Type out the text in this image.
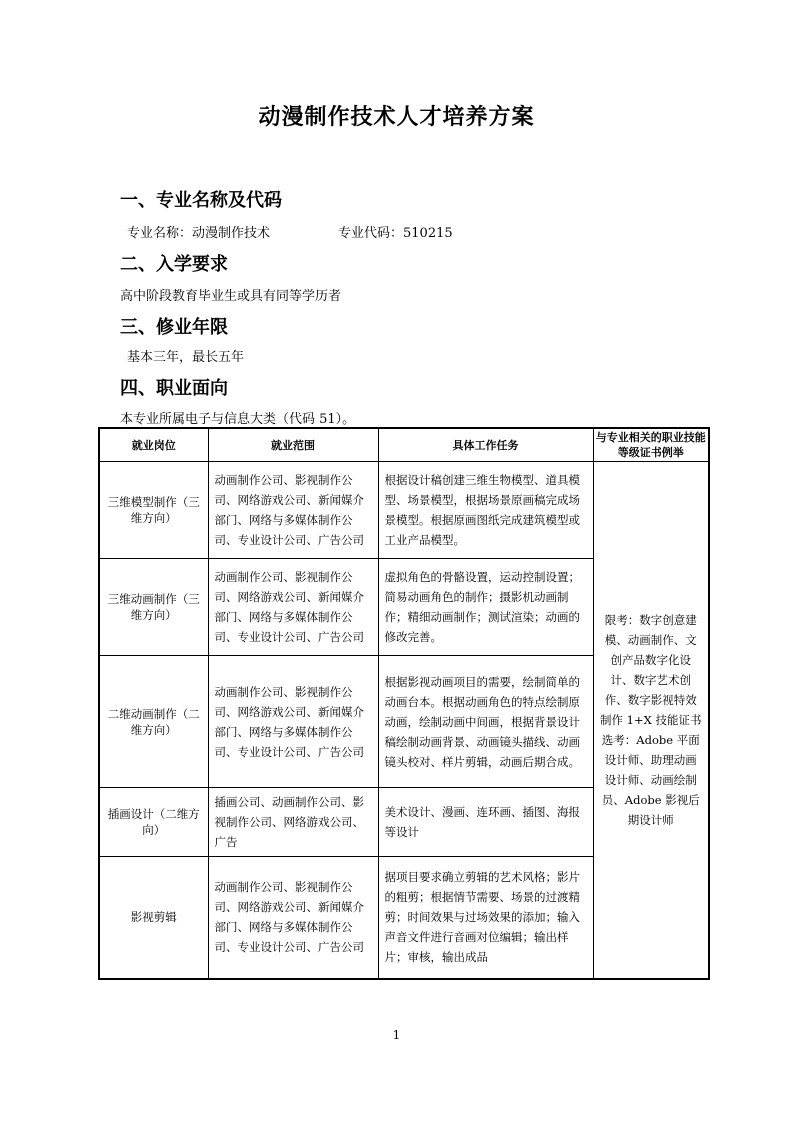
动漫制作技术人才培养方案
一、专业名称及代码
专业名称：动漫制作技术	专业代码：510215
二、入学要求
高中阶段教育毕业生或具有同等学历者
三、修业年限
基本三年，最长五年
四、职业面向
本专业所属电子与信息大类（代码 51）。
就业岗位	就业范围	具体工作任务	与专业相关的职业技能等级证书例举
三维模型制作（三维方向）	动画制作公司、影视制作公司、网络游戏公司、新闻媒介部门、网络与多媒体制作公司、专业设计公司、广告公司	根据设计稿创建三维生物模型、道具模型、场景模型，根据场景原画稿完成场景模型。根据原画图纸完成建筑模型或工业产品模型。	限考：数字创意建模、动画制作、文创产品数字化设计、数字艺术创作、数字影视特效制作 1+X 技能证书选考：Adobe 平面设计师、助理动画设计师、动画绘制员、Adobe 影视后期设计师
三维动画制作（三维方向）	动画制作公司、影视制作公司、网络游戏公司、新闻媒介部门、网络与多媒体制作公司、专业设计公司、广告公司	虚拟角色的骨骼设置，运动控制设置；简易动画角色的制作；摄影机动画制作；精细动画制作；测试渲染；动画的修改完善。	
二维动画制作（二维方向）	动画制作公司、影视制作公司、网络游戏公司、新闻媒介部门、网络与多媒体制作公司、专业设计公司、广告公司	根据影视动画项目的需要，绘制简单的动画台本。根据动画角色的特点绘制原动画，绘制动画中间画，根据背景设计稿绘制动画背景、动画镜头描线、动画镜头校对、样片剪辑，动画后期合成。	
插画设计（二维方向）	插画公司、动画制作公司、影视制作公司、网络游戏公司、广告	美术设计、漫画、连环画、插图、海报等设计	
影视剪辑	动画制作公司、影视制作公司、网络游戏公司、新闻媒介部门、网络与多媒体制作公司、专业设计公司、广告公司	据项目要求确立剪辑的艺术风格；影片的粗剪；根据情节需要、场景的过渡精剪；时间效果与过场效果的添加；输入声音文件进行音画对位编辑；输出样片；审核，输出成品	
1
